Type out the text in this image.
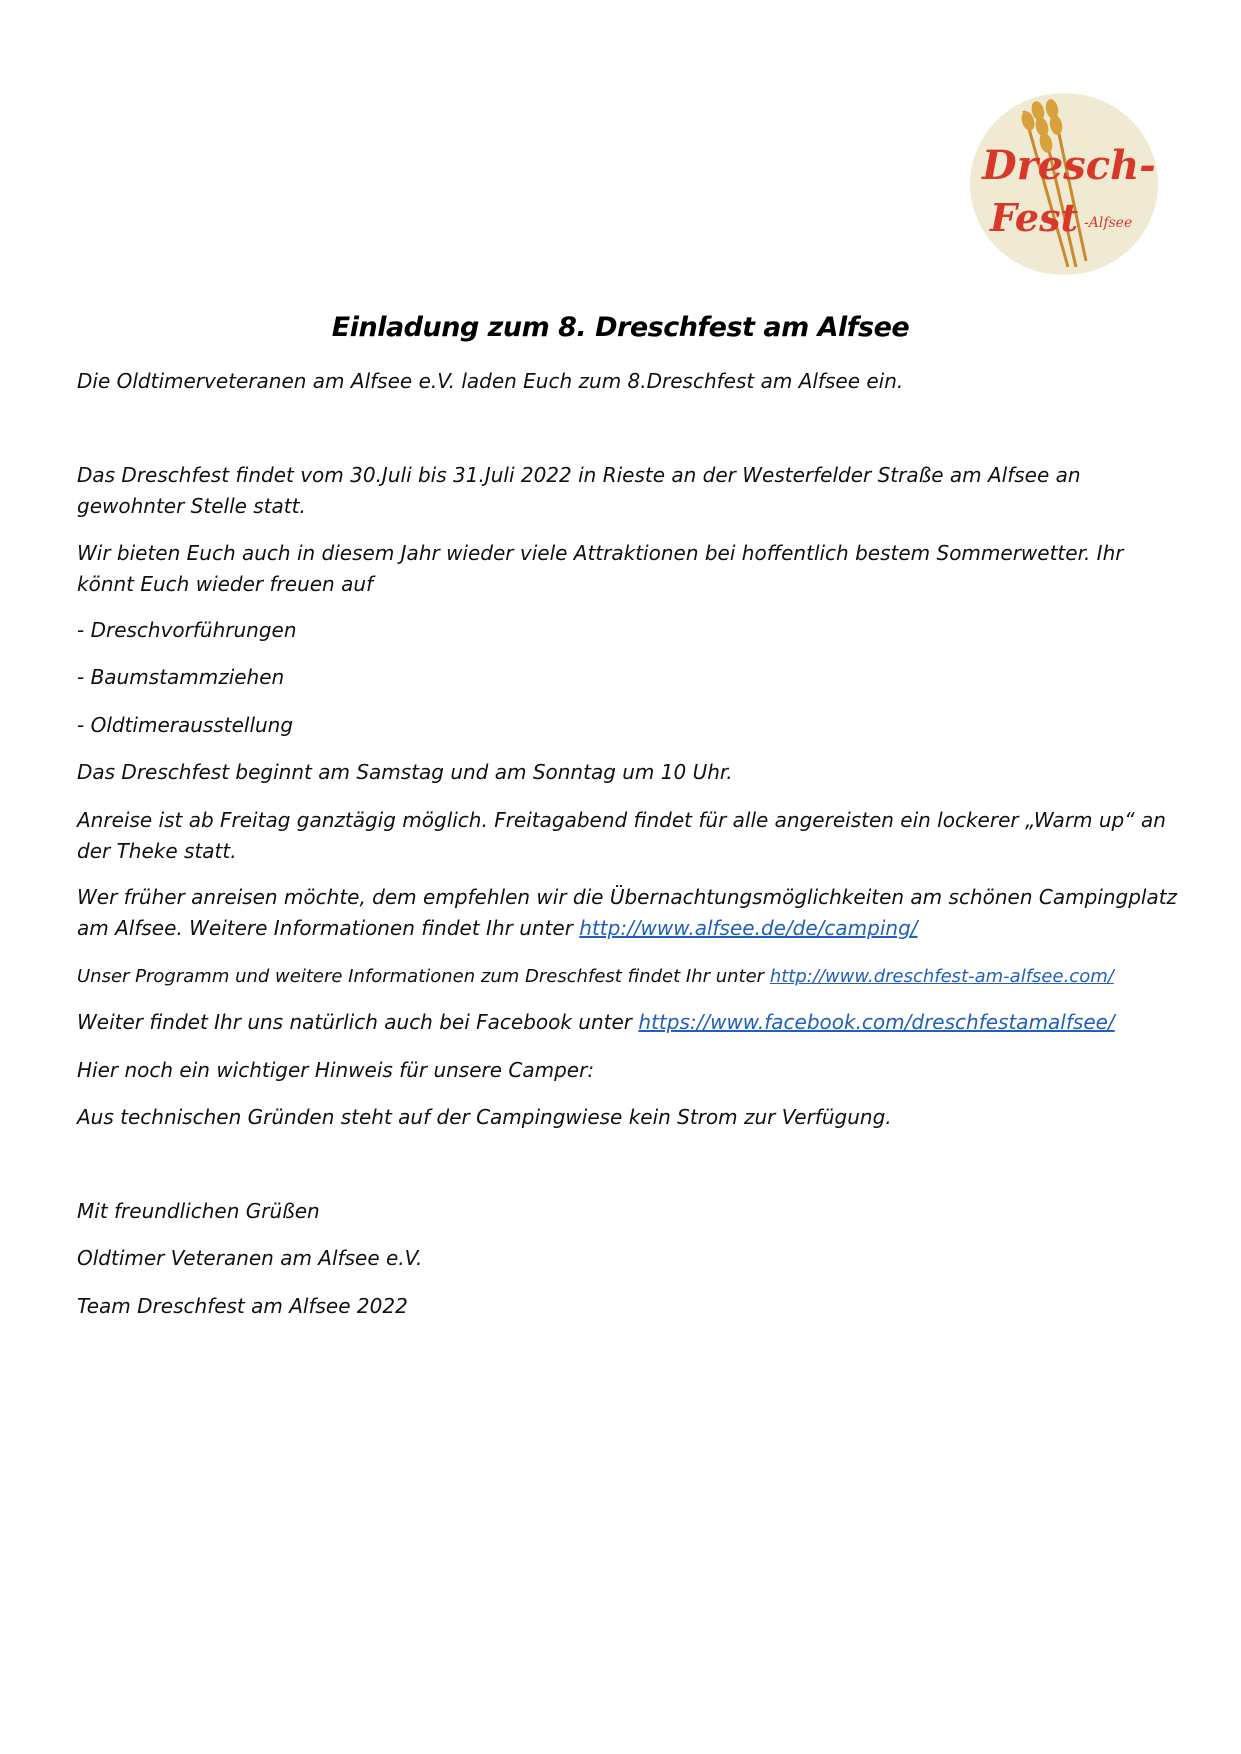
Dresch-
Fest -Alfsee
Einladung zum 8. Dreschfest am Alfsee
Die Oldtimerveteranen am Alfsee e.V. laden Euch zum 8.Dreschfest am Alfsee ein.
Das Dreschfest findet vom 30.Juli bis 31.Juli 2022 in Rieste an der Westerfelder Straße am Alfsee an
gewohnter Stelle statt.
Wir bieten Euch auch in diesem Jahr wieder viele Attraktionen bei hoffentlich bestem Sommerwetter. Ihr
könnt Euch wieder freuen auf
- Dreschvorführungen
- Baumstammziehen
- Oldtimerausstellung
Das Dreschfest beginnt am Samstag und am Sonntag um 10 Uhr.
Anreise ist ab Freitag ganztägig möglich. Freitagabend findet für alle angereisten ein lockerer „Warm up“ an
der Theke statt.
Wer früher anreisen möchte, dem empfehlen wir die Übernachtungsmöglichkeiten am schönen Campingplatz
am Alfsee. Weitere Informationen findet Ihr unter http://www.alfsee.de/de/camping/
Unser Programm und weitere Informationen zum Dreschfest findet Ihr unter http://www.dreschfest-am-alfsee.com/
Weiter findet Ihr uns natürlich auch bei Facebook unter https://www.facebook.com/dreschfestamalfsee/
Hier noch ein wichtiger Hinweis für unsere Camper:
Aus technischen Gründen steht auf der Campingwiese kein Strom zur Verfügung.
Mit freundlichen Grüßen
Oldtimer Veteranen am Alfsee e.V.
Team Dreschfest am Alfsee 2022
